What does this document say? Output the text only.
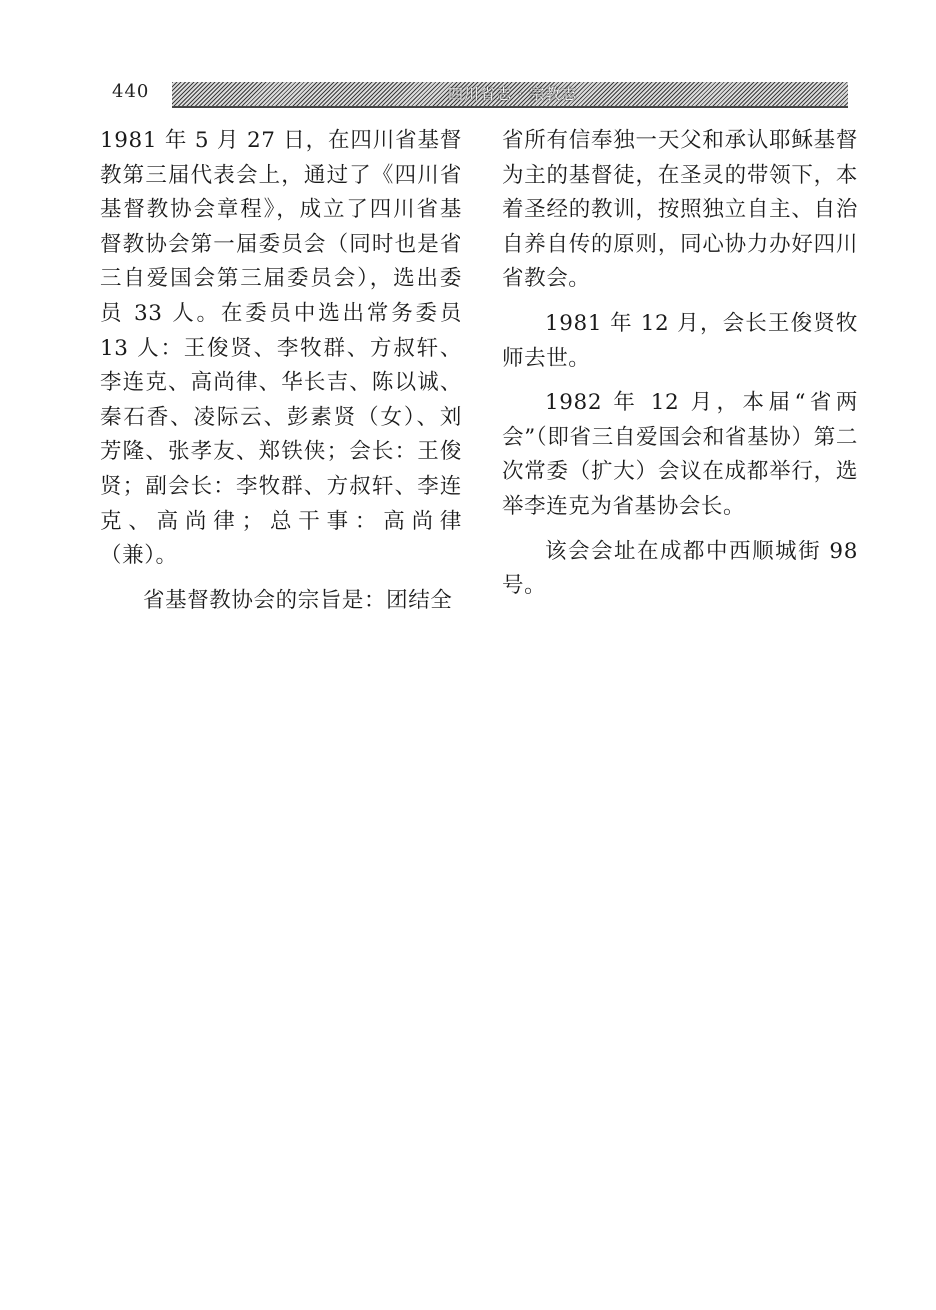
440	四川省志 · 宗教志

1981 年 5 月 27 日，在四川省基督教第三届代表会上，通过了《四川省基督教协会章程》，成立了四川省基督教协会第一届委员会（同时也是省三自爱国会第三届委员会），选出委员 33 人。在委员中选出常务委员 13 人：王俊贤、李牧群、方叔轩、李连克、高尚律、华长吉、陈以诚、秦石香、凌际云、彭素贤（女）、刘芳隆、张孝友、郑铁侠；会长：王俊贤；副会长：李牧群、方叔轩、李连克、高尚律；总干事：高尚律（兼）。

省基督教协会的宗旨是：团结全

省所有信奉独一天父和承认耶稣基督为主的基督徒，在圣灵的带领下，本着圣经的教训，按照独立自主、自治自养自传的原则，同心协力办好四川省教会。

1981 年 12 月，会长王俊贤牧师去世。

1982 年 12 月，本届“省两会”（即省三自爱国会和省基协）第二次常委（扩大）会议在成都举行，选举李连克为省基协会长。

该会会址在成都中西顺城街 98 号。
